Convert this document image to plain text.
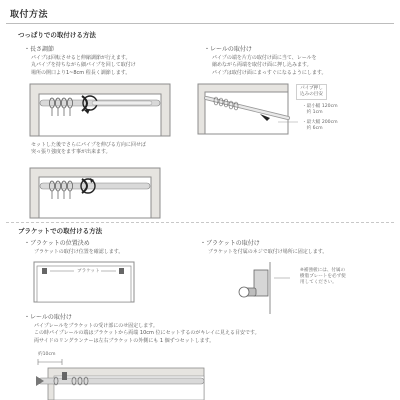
取付方法
つっぱりでの取付ける方法
・長さ調節
パイプは回転させると伸縮調節が行えます。
丸パイプを持ちながら細パイプを回して取付け
場所の開口より1~8cm 程長く調節します。
・レールの取付け
パイプの端を片方の取付け面に当て、レールを
縮めながら両端を取付け面に押し込みます。
パイプは取付け面にまっすぐになるようにします。
パイプ押し
込みの目安
・最小幅 120cm
　約 1cm
・最大幅 200cm
　約 6cm
セットした後でさらにパイプを伸びる方向に回せば
突っ張り強度をます事が出来ます。
ブラケットでの取付ける方法
・ブラケットの位置決め
ブラケットの取付け位置を確認します。
ブラケット
・ブラケットの取付け
ブラケットを付属のネジで取付け場所に固定します。
※補強板には、付属の
樹脂プレートを必ず使
用してください。
・レールの取付け
パイプレールをブラケットの受け部にのせ固定します。
この時パイプレールの端はブラケットから両端 10cm 位にセットするのがキレイに見える目安です。
両サイドのリングランナーは左右ブラケットの外側にも 1 個ずつセットします。
約10cm
